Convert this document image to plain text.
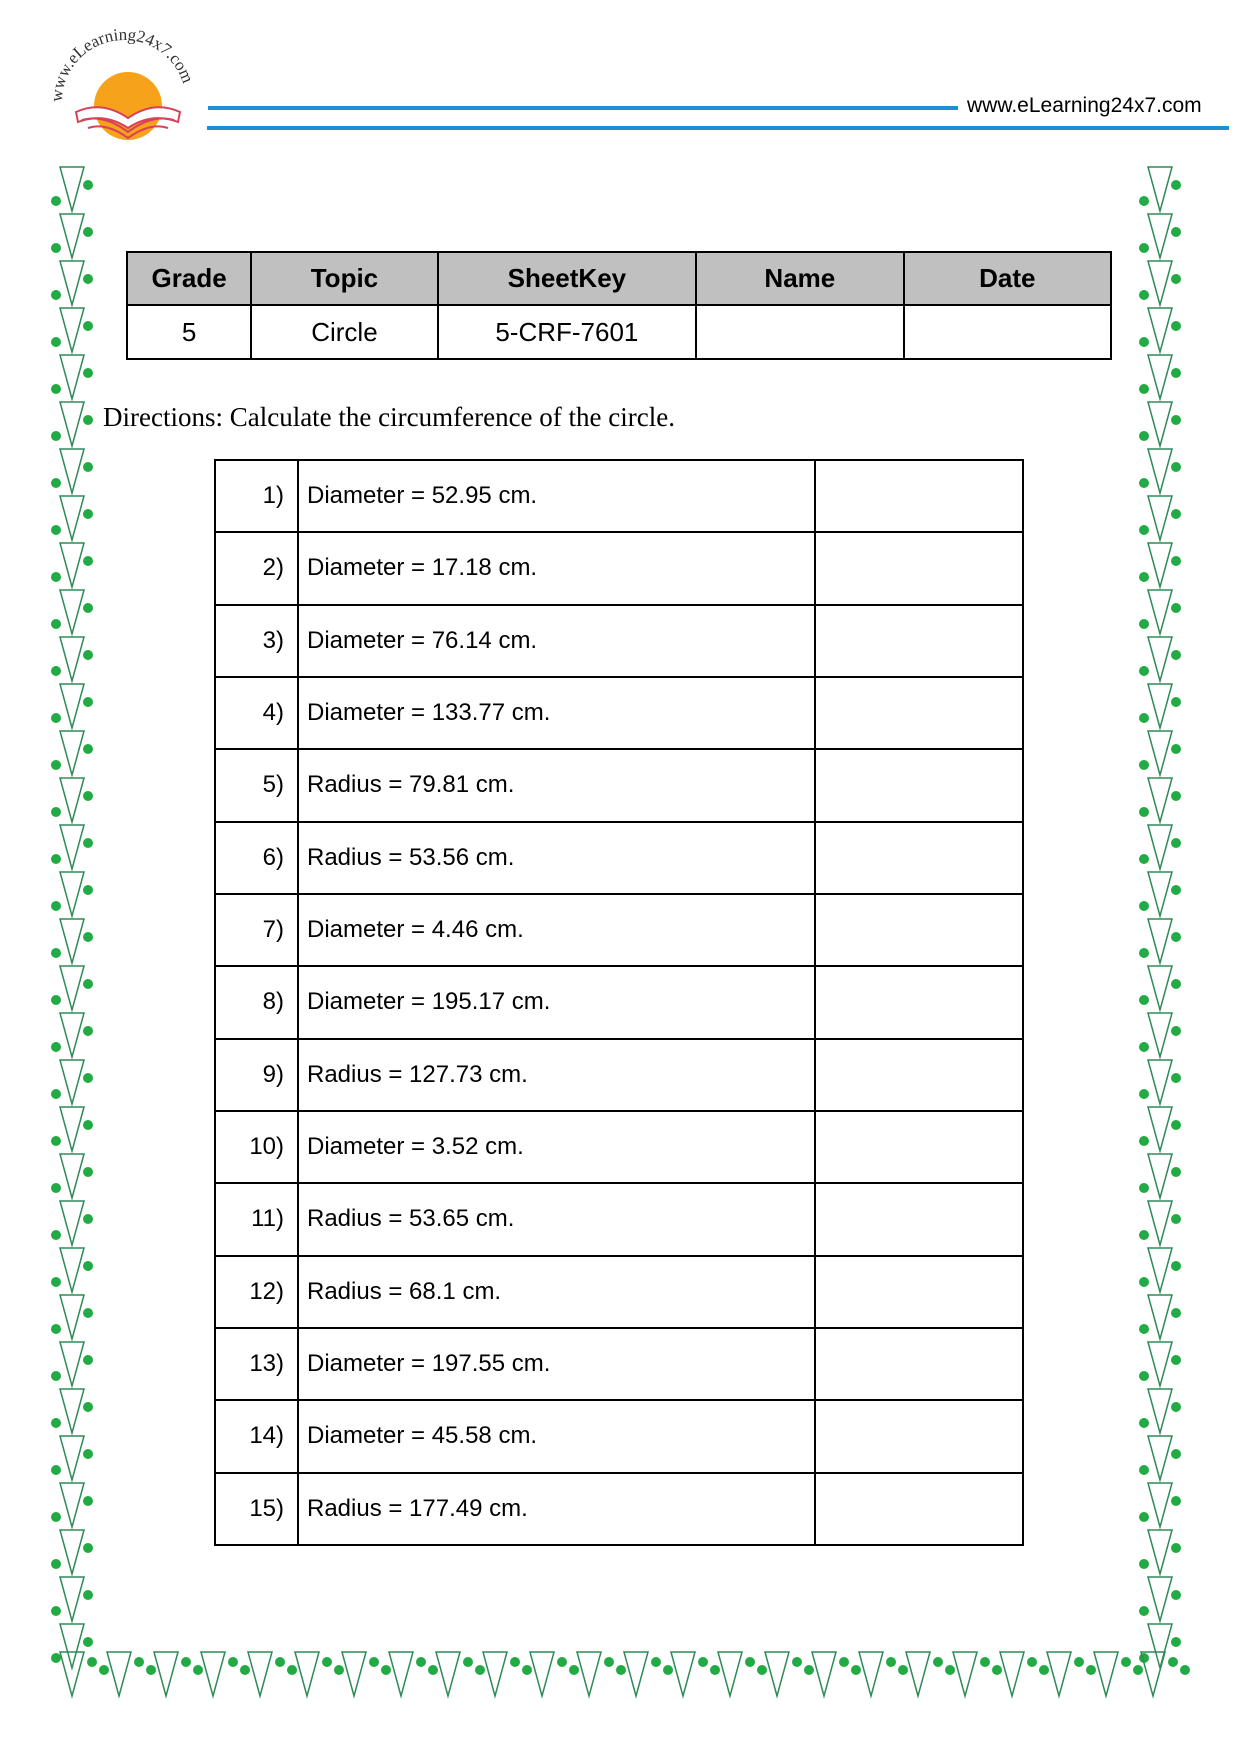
www.eLearning24x7.com
www.eLearning24x7.com
Grade	Topic	SheetKey	Name	Date
5	Circle	5-CRF-7601		

Directions: Calculate the circumference of the circle.

1)	Diameter = 52.95 cm.	
2)	Diameter = 17.18 cm.	
3)	Diameter = 76.14 cm.	
4)	Diameter = 133.77 cm.	
5)	Radius = 79.81 cm.	
6)	Radius = 53.56 cm.	
7)	Diameter = 4.46 cm.	
8)	Diameter = 195.17 cm.	
9)	Radius = 127.73 cm.	
10)	Diameter = 3.52 cm.	
11)	Radius = 53.65 cm.	
12)	Radius = 68.1 cm.	
13)	Diameter = 197.55 cm.	
14)	Diameter = 45.58 cm.	
15)	Radius = 177.49 cm.	
